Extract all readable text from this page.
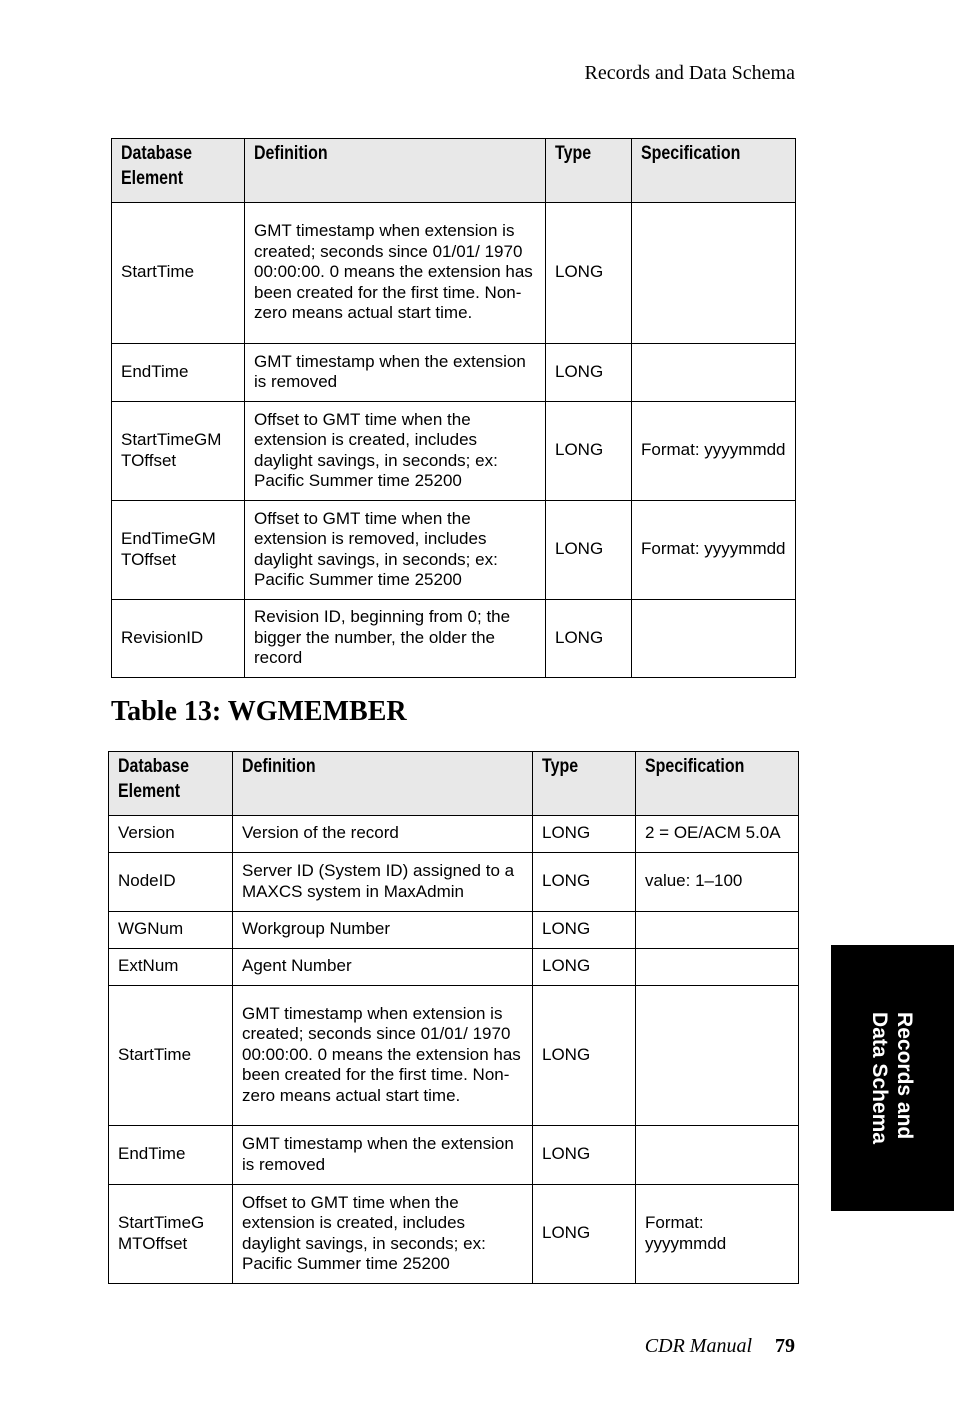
Records and Data Schema
Database Element	Definition	Type	Specification
StartTime	GMT timestamp when extension is created; seconds since 01/01/ 1970 00:00:00. 0 means the extension has been created for the first time. Non-zero means actual start time.	LONG	
EndTime	GMT timestamp when the extension is removed	LONG	
StartTimeGM TOffset	Offset to GMT time when the extension is created, includes daylight savings, in seconds; ex: Pacific Summer time 25200	LONG	Format: yyyymmdd
EndTimeGM TOffset	Offset to GMT time when the extension is removed, includes daylight savings, in seconds; ex: Pacific Summer time 25200	LONG	Format: yyyymmdd
RevisionID	Revision ID, beginning from 0; the bigger the number, the older the record	LONG	
Table 13: WGMEMBER
Database Element	Definition	Type	Specification
Version	Version of the record	LONG	2 = OE/ACM 5.0A
NodeID	Server ID (System ID) assigned to a MAXCS system in MaxAdmin	LONG	value: 1–100
WGNum	Workgroup Number	LONG	
ExtNum	Agent Number	LONG	
StartTime	GMT timestamp when extension is created; seconds since 01/01/ 1970 00:00:00. 0 means the extension has been created for the first time. Non-zero means actual start time.	LONG	
EndTime	GMT timestamp when the extension is removed	LONG	
StartTimeG MTOffset	Offset to GMT time when the extension is created, includes daylight savings, in seconds; ex: Pacific Summer time 25200	LONG	Format: yyyymmdd
Records and
Data Schema
CDR Manual 79
